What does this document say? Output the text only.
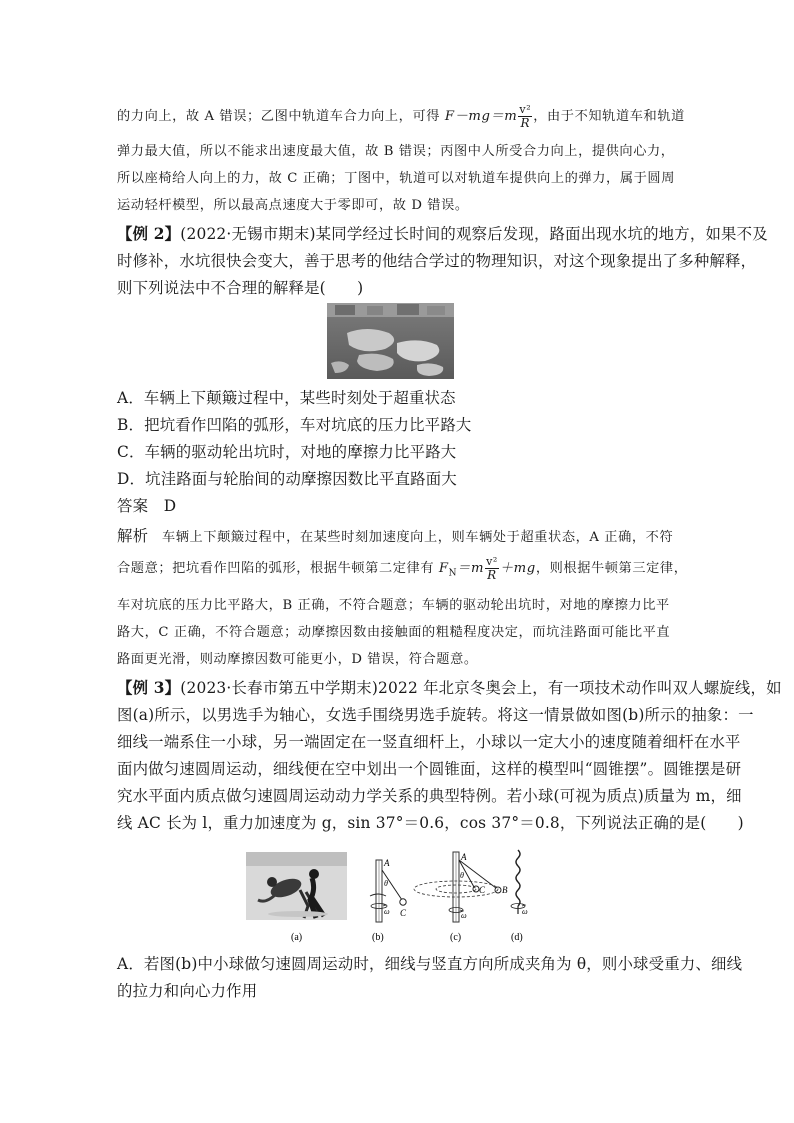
的力向上，故 A 错误；乙图中轨道车合力向上，可得 $F-mg=m \frac{\text{v²}}{R}$ ，由于不知轨道车和轨道
弹力最大值，所以不能求出速度最大值，故 B 错误；丙图中人所受合力向上，提供向心力，
所以座椅给人向上的力，故 C 正确；丁图中，轨道可以对轨道车提供向上的弹力，属于圆周
运动轻杆模型，所以最高点速度大于零即可，故 D 错误。
【例 2】(2022·无锡市期末)某同学经过长时间的观察后发现，路面出现水坑的地方，如果不及
时修补，水坑很快会变大，善于思考的他结合学过的物理知识，对这个现象提出了多种解释，
则下列说法中不合理的解释是(　　)
A．车辆上下颠簸过程中，某些时刻处于超重状态
B．把坑看作凹陷的弧形，车对坑底的压力比平路大
C．车辆的驱动轮出坑时，对地的摩擦力比平路大
D．坑洼路面与轮胎间的动摩擦因数比平直路面大
答案　 D
解析　 车辆上下颠簸过程中，在某些时刻加速度向上，则车辆处于超重状态，A 正确，不符
合题意；把坑看作凹陷的弧形，根据牛顿第二定律有 $F_N=m \frac{\text{v²}}{R} +mg$，则根据牛顿第三定律，
车对坑底的压力比平路大，B 正确，不符合题意；车辆的驱动轮出坑时，对地的摩擦力比平
路大，C 正确，不符合题意；动摩擦因数由接触面的粗糙程度决定，而坑洼路面可能比平直
路面更光滑，则动摩擦因数可能更小，D 错误，符合题意。
【例 3】(2023·长春市第五中学期末)2022 年北京冬奥会上，有一项技术动作叫双人螺旋线，如
图(a)所示，以男选手为轴心，女选手围绕男选手旋转。将这一情景做如图(b)所示的抽象：一
细线一端系住一小球，另一端固定在一竖直细杆上，小球以一定大小的速度随着细杆在水平
面内做匀速圆周运动，细线便在空中划出一个圆锥面，这样的模型叫“圆锥摆”。圆锥摆是研
究水平面内质点做匀速圆周运动动力学关系的典型特例。若小球(可视为质点)质量为 m，细
线 AC 长为 l，重力加速度为 g，sin 37°＝0.6，cos 37°＝0.8，下列说法正确的是(　　)
A
θ
C
ω
A
θ
C B
ω	ω
(a)	(b)	(c)	(d)
A．若图(b)中小球做匀速圆周运动时，细线与竖直方向所成夹角为 θ，则小球受重力、细线
的拉力和向心力作用
